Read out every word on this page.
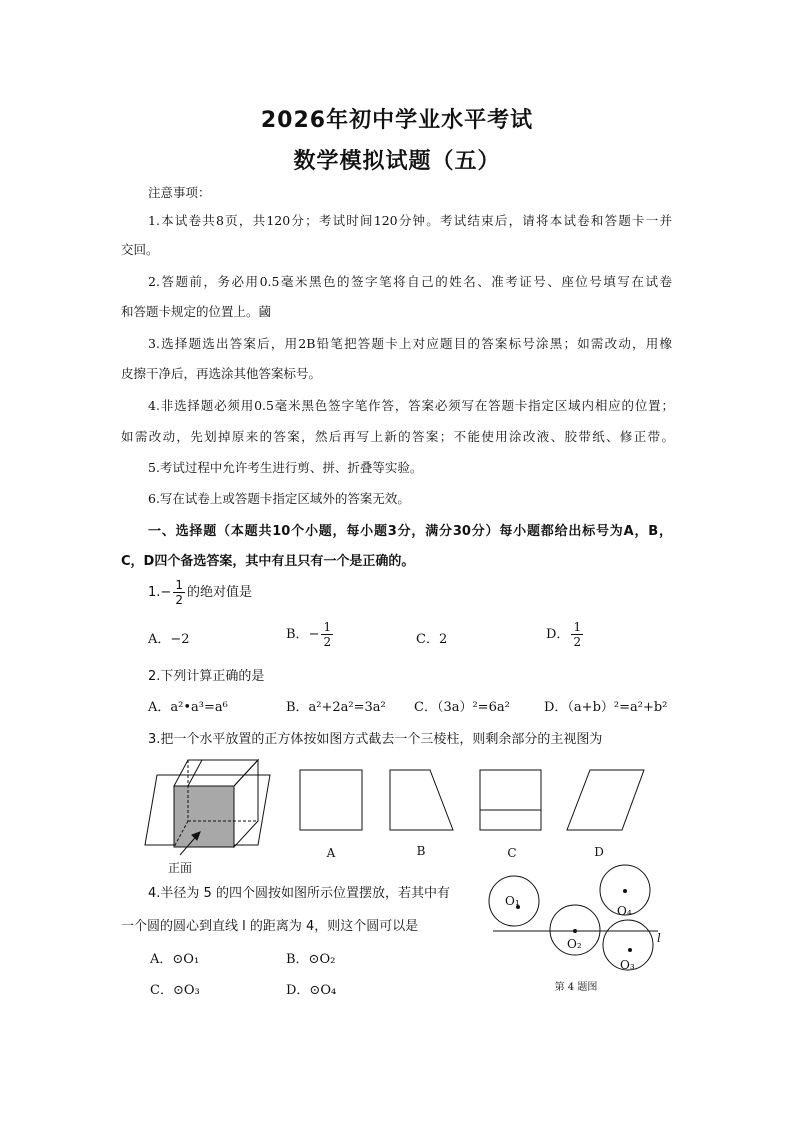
2026年初中学业水平考试
数学模拟试题（五）
注意事项：
1.本试卷共8页，共120分；考试时间120分钟。考试结束后，请将本试卷和答题卡一并
交回。
2.答题前，务必用0.5毫米黑色的签字笔将自己的姓名、准考证号、座位号填写在试卷
和答题卡规定的位置上。蔮
3.选择题选出答案后，用2B铅笔把答题卡上对应题目的答案标号涂黑；如需改动，用橡
皮擦干净后，再选涂其他答案标号。
4.非选择题必须用0.5毫米黑色签字笔作答，答案必须写在答题卡指定区域内相应的位置；
如需改动，先划掉原来的答案，然后再写上新的答案；不能使用涂改液、胶带纸、修正带。
5.考试过程中允许考生进行剪、拼、折叠等实验。
6.写在试卷上或答题卡指定区域外的答案无效。
一、选择题（本题共10个小题，每小题3分，满分30分）每小题都给出标号为A，B，
C，D四个备选答案，其中有且只有一个是正确的。
$1.- \frac{1}{2}$ 的绝对值是
A．−2	B．− $\frac{1}{2}$	C．2	D． $\frac{1}{2}$
2.下列计算正确的是
A．a²•a³=a⁶	B．a²+2a²=3a² C．（3a）²=6a²	D．（a+b）²=a²+b²
3.把一个水平放置的正方体按如图方式截去一个三棱柱，则剩余部分的主视图为
正面
A	B	C	D
O₁
O₂
O₃
O₄
l
第 4 题图
4.半径为 5 的四个圆按如图所示位置摆放，若其中有
一个圆的圆心到直线 l 的距离为 4，则这个圆可以是
A．⊙O₁	B．⊙O₂
C．⊙O₃	D．⊙O₄
